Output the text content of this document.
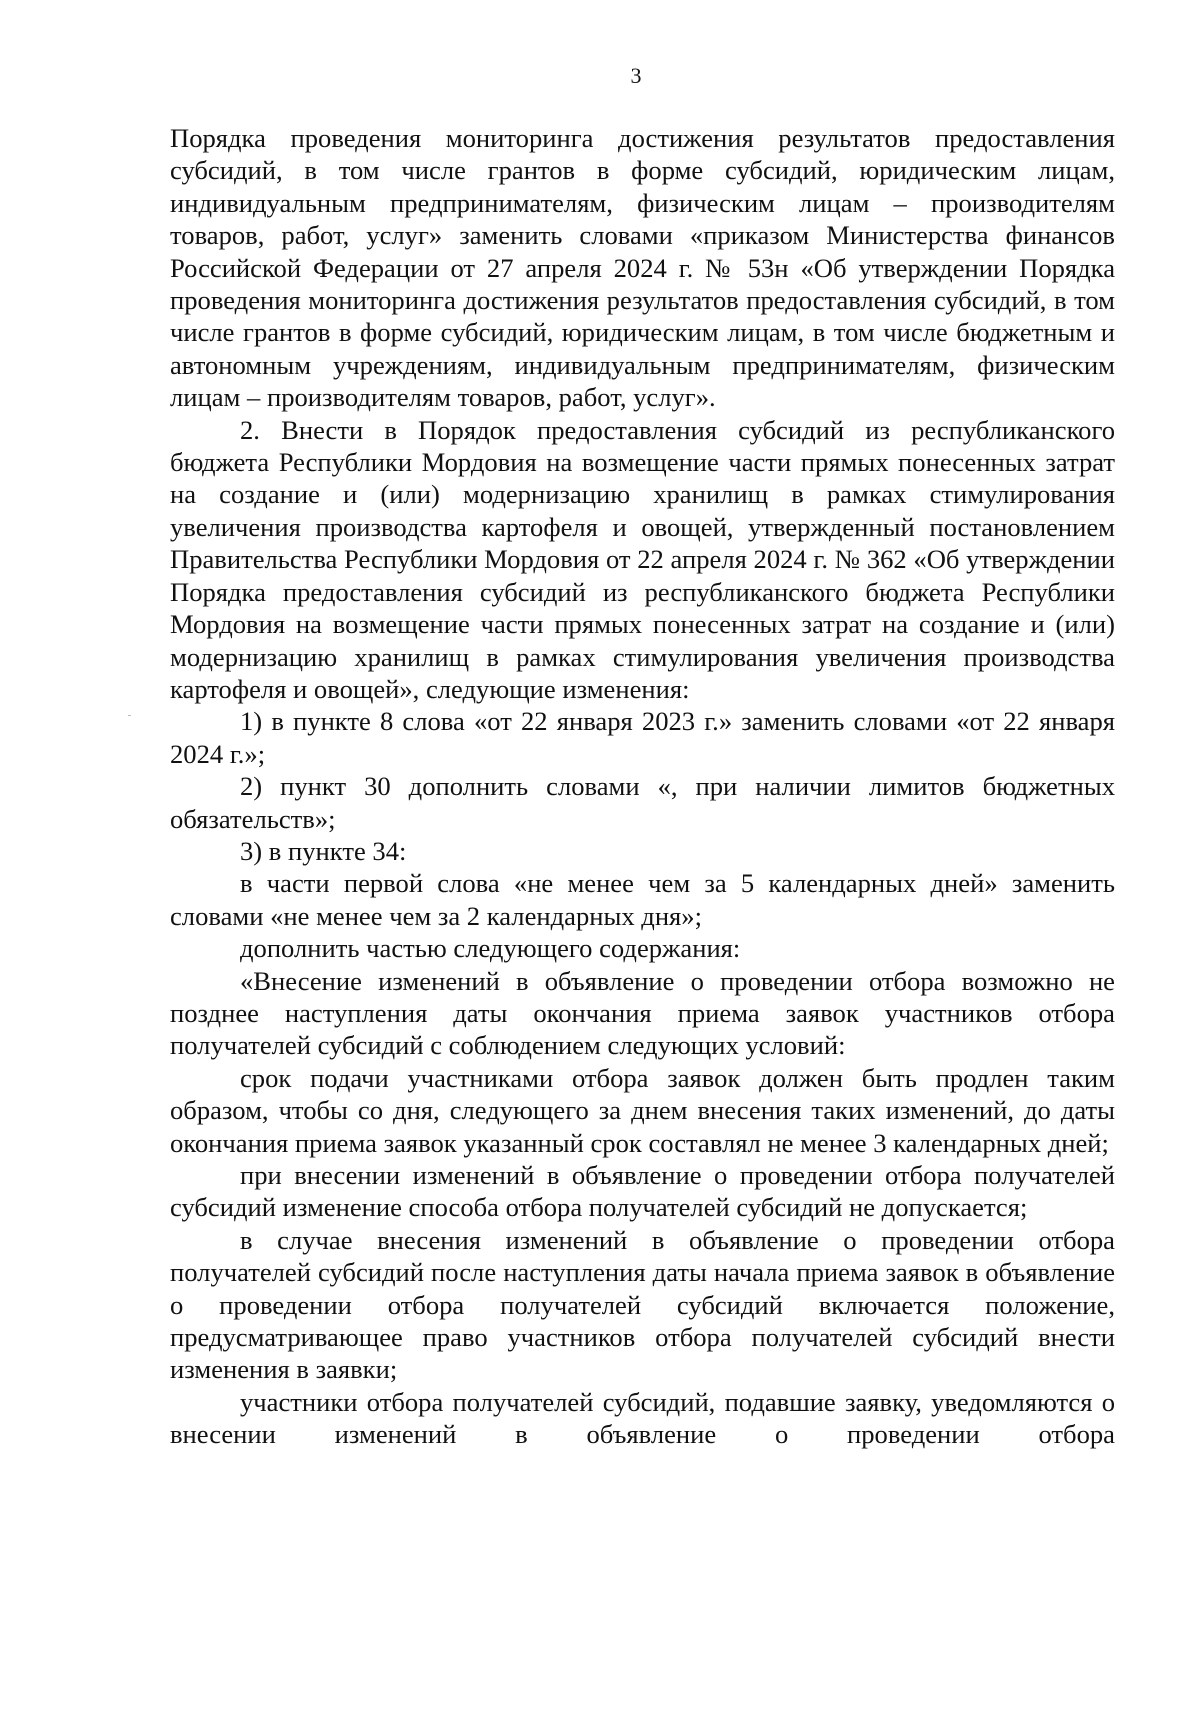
3

Порядка проведения мониторинга достижения результатов предоставления субсидий, в том числе грантов в форме субсидий, юридическим лицам, индивидуальным предпринимателям, физическим лицам – производителям товаров, работ, услуг» заменить словами «приказом Министерства финансов Российской Федерации от 27 апреля 2024 г. № 53н «Об утверждении Порядка проведения мониторинга достижения результатов предоставления субсидий, в том числе грантов в форме субсидий, юридическим лицам, в том числе бюджетным и автономным учреждениям, индивидуальным предпринимателям, физическим лицам – производителям товаров, работ, услуг».

2. Внести в Порядок предоставления субсидий из республиканского бюджета Республики Мордовия на возмещение части прямых понесенных затрат на создание и (или) модернизацию хранилищ в рамках стимулирования увеличения производства картофеля и овощей, утвержденный постановлением Правительства Республики Мордовия от 22 апреля 2024 г. № 362 «Об утверждении Порядка предоставления субсидий из республиканского бюджета Республики Мордовия на возмещение части прямых понесенных затрат на создание и (или) модернизацию хранилищ в рамках стимулирования увеличения производства картофеля и овощей», следующие изменения:

1) в пункте 8 слова «от 22 января 2023 г.» заменить словами «от 22 января 2024 г.»;

2) пункт 30 дополнить словами «, при наличии лимитов бюджетных обязательств»;

3) в пункте 34:

в части первой слова «не менее чем за 5 календарных дней» заменить словами «не менее чем за 2 календарных дня»;

дополнить частью следующего содержания:

«Внесение изменений в объявление о проведении отбора возможно не позднее наступления даты окончания приема заявок участников отбора получателей субсидий с соблюдением следующих условий:

срок подачи участниками отбора заявок должен быть продлен таким образом, чтобы со дня, следующего за днем внесения таких изменений, до даты окончания приема заявок указанный срок составлял не менее 3 календарных дней;

при внесении изменений в объявление о проведении отбора получателей субсидий изменение способа отбора получателей субсидий не допускается;

в случае внесения изменений в объявление о проведении отбора получателей субсидий после наступления даты начала приема заявок в объявление о проведении отбора получателей субсидий включается положение, предусматривающее право участников отбора получателей субсидий внести изменения в заявки;

участники отбора получателей субсидий, подавшие заявку, уведомляются о внесении изменений в объявление о проведении отбора
